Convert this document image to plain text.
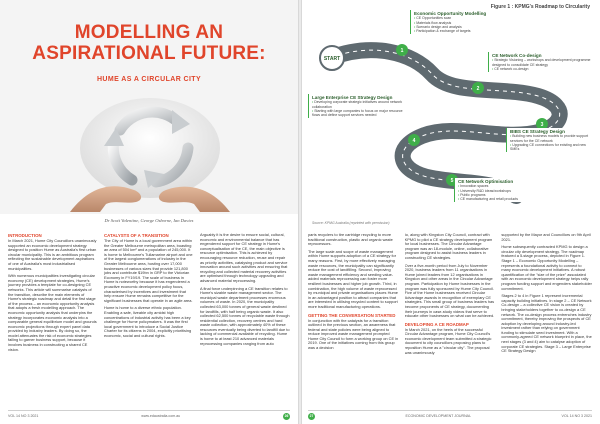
MODELLING AN
ASPIRATIONAL FUTURE:
HUME AS A CIRCULAR CITY
Dr Scott Valentine, George Osborne, Ian Davies
INTRODUCTION

In March 2021, Hume City Councillors unanimously supported an economic development strategy designed to position Hume as Australia's first urban circular municipality. This is an ambitious program reflecting the sustainable development aspirations of one of Australia's most industrialised municipalities.

With numerous municipalities investigating circular economy (CE) development strategies, Hume's journey provides a template for co-designing CE networks. This article will summarise catalysts of the transition, describe the main elements of Hume's strategic roadmap and detail the first stage of the process – an economic opportunity analysis that adopts a fresh modelling approach. The economic opportunity analysis that underpins the strategy incorporates economic analysis into a comparable general equilibrium model and grounds economic projections through expert panel data provided by industry leaders. By doing so, the model attenuates the risk of economic strategies failing to garner business support, because it involves business in constructing a shared CE vision.

CATALYSTS OF A TRANSITION

The City of Hume is a local government area within the Greater Melbourne metropolitan area, boasting an area of 504 km² and a population of 245,000. It is home to Melbourne's Tullamarine airport and one of the largest conglomerations of industry in the Greater Melbourne area, hosting over 17,000 businesses of various sizes that provide 121,800 jobs and contribute $19bn in GRP to the Victorian Economy in FY19/19. The scale of business in Hume is noteworthy because it has engendered a proactive economic development policy focus, characterised by incentives and investment that help ensure Hume remains competitive for the significant businesses that operate in an agile area.

Hume is home to a diverse ethnic population. Enabling a safe, liveable city amidst high concentrations of industrial activity has been a key challenge for Hume policymakers. It was the first local government to introduce a Social Justice Charter for its citizens in 2004, explicitly prioritising economic, social and cultural rights.

Arguably it is the desire to ensure social, cultural, economic and environmental balance that has engendered support for CE strategy in Hume's conceptualisation of the CE, the main objective is resource optimisation. This is achieved by encouraging resource reduction, reuse and repair as priority activities, catalysing product and service innovation around such activities and ensuring that recycling and collected material recovery activities are optimised through technology upgrading and advanced material reprocessing.

A final force underpinning a CE transition relates to Hume's sizable waste management sector. The municipal waste department processes enormous volumes of waste. In 2020, the municipality collected 63,000 tonnes of general waste destined for landfills, with half being organic waste. It also collected 62,500 tonnes of recyclable waste through residential collection, recovery centres and hard waste collection, with approximately 40% of these resources eventually being diverted to landfill due to lacking of commercial available of recycling. Hume is home to at least 210 advanced materials reprocessing companies ranging from auto

VOL 14 NO 3 2021	www.edaustralia.com.au	26
Figure 1 : KPMG's Roadmap to Circularity
START
1
2
3
4
5
Economic Opportunity Modelling
• CE Opportunities scan
• Materials flow analysis
• Scenario design and analysis
• Participation & exchange of targets
CE Network Co-design
• Strategic Visioning – workshops and development programme designed to consolidate CE strategy
• CE network co-design
BIBS CE Strategy Design
• Building new business models to provide support services for the CE network
• Upgrading CE connections for existing and new SMEs
Large Enterprise CE Strategy Design
• Developing corporate strategic initiatives around network collaboration
• Starting with large companies to focus on major resource flows and define support services needed
CE Network Optimisation
• Innovation spaces
• University R&D ideas/workshops
• Public programs
• CE manufacturing and retail products
Source: KPMG Australia (reprinted with permission)

parts recyclers to tire cartridge recycling to more traditional construction, plastic and organic waste reprocessors.

The large scale and scope of waste management within Hume supports adoption of a CE strategy for many reasons. First, by more effectively managing waste resources, the municipality can significantly reduce the cost of landfilling. Second, improving waste management efficiency and seeding value-added materials reprocessing can foster more resilient businesses and higher job growth. Third, in combination, the high volume of waste reprocessed by municipal and private organisations places Hume in an advantaged position to attract companies that are interested in utilising recycled content to support more traditional manufacturing operations.

GETTING THE CONVERSATION STARTED

In conjunction with the catalysts for a transition outlined in the previous section, an awareness that federal and state policies were being aligned to reduce improved waste management prompted Hume City Council to form a working group on CE in 2019. One of the initiatives coming from this group was a decision

to, along with Kingston City Council, contract with KPMG to pilot a CE strategy development program for local businesses. The Circular Advantage program was an 18-module, online, collaborative program designed to assist business leaders in constructing CE strategies.

Over a five-month period from July to November 2020, business leaders from 11 organisations in Hume joined leaders from 12 organisations in Kingston and other areas in the Circular Advantage program. Participation by Hume businesses in the program was fully sponsored by Hume City Council. Five of the Hume businesses received Circular Advantage awards in recognition of exemplary CE strategies. This small group of business leaders has become proponents of CE strategy, documenting their journeys in case-study videos that serve to educate other businesses on what can be achieved.

DEVELOPING A CE ROADMAP

In March 2021, on the heels of the successful Circular Advantage program, Hume City Council's economic development team submitted a strategic document to city councillors proposing plans to reposition Hume as a "circular city". The proposal was unanimously

supported by the Mayor and Councillors on 9th April 2021.

Hume subsequently contracted KPMG to design a circular city development strategy. The roadmap featured a 5-stage process, depicted in Figure 1. Stage 1 – Economic Opportunity Modelling – represents a foundational activity to connect to many economic development initiatives. A robust quantification of the "size of the prize" associated with an economic development strategy helps rally program funding support and engenders stakeholder commitment.

Stages 2 to 4 in Figure 1 represent incremental capacity building initiatives. In stage 2 – CE Network Co-design – a collective CE vision is created by bringing stakeholders together to co-design a CE network. The co-design process entrenches industry commitment, thereby improving the prospects of CE adoption by developing around industry-led investment rather than relying on government funding to stimulate seed investment. With a commonly-agreed CE network blueprint in place, the next stages (3 and 4) aim to catalyse adoption of corporate CE strategies. Stage 3 – Large Enterprise CE Strategy Design

27	ECONOMIC DEVELOPMENT JOURNAL	VOL 14 NO 3 2021
